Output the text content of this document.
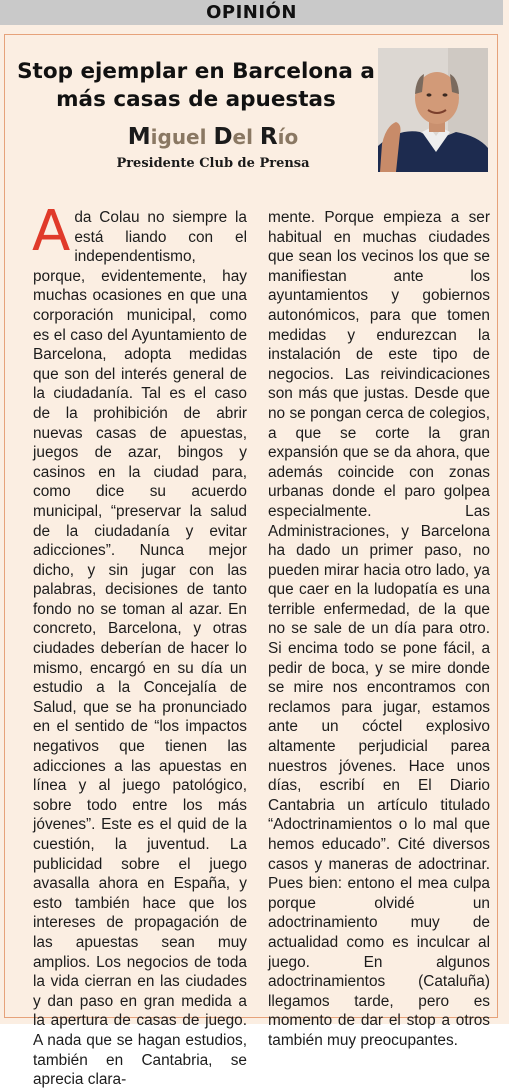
OPINIÓN
Stop ejemplar en Barcelona a más casas de apuestas
Miguel Del Río
Presidente Club de Prensa
Ada Colau no siempre la está liando con el independentismo, porque, evidentemente, hay muchas ocasiones en que una corporación municipal, como es el caso del Ayuntamiento de Barcelona, adopta medidas que son del interés general de la ciudadanía. Tal es el caso de la prohibición de abrir nuevas casas de apuestas, juegos de azar, bingos y casinos en la ciudad para, como dice su acuerdo municipal, “preservar la salud de la ciudadanía y evitar adicciones”. Nunca mejor dicho, y sin jugar con las palabras, decisiones de tanto fondo no se toman al azar. En concreto, Barcelona, y otras ciudades deberían de hacer lo mismo, encargó en su día un estudio a la Concejalía de Salud, que se ha pronunciado en el sentido de “los impactos negativos que tienen las adicciones a las apuestas en línea y al juego patológico, sobre todo entre los más jóvenes”. Este es el quid de la cuestión, la juventud. La publicidad sobre el juego avasalla ahora en España, y esto también hace que los intereses de propagación de las apuestas sean muy amplios. Los negocios de toda la vida cierran en las ciudades y dan paso en gran medida a la apertura de casas de juego. A nada que se hagan estudios, también en Cantabria, se aprecia clara-
mente. Porque empieza a ser habitual en muchas ciudades que sean los vecinos los que se manifiestan ante los ayuntamientos y gobiernos autonómicos, para que tomen medidas y endurezcan la instalación de este tipo de negocios. Las reivindicaciones son más que justas. Desde que no se pongan cerca de colegios, a que se corte la gran expansión que se da ahora, que además coincide con zonas urbanas donde el paro golpea especialmente. Las Administraciones, y Barcelona ha dado un primer paso, no pueden mirar hacia otro lado, ya que caer en la ludopatía es una terrible enfermedad, de la que no se sale de un día para otro. Si encima todo se pone fácil, a pedir de boca, y se mire donde se mire nos encontramos con reclamos para jugar, estamos ante un cóctel explosivo altamente perjudicial parea nuestros jóvenes. Hace unos días, escribí en El Diario Cantabria un artículo titulado “Adoctrinamientos o lo mal que hemos educado”. Cité diversos casos y maneras de adoctrinar. Pues bien: entono el mea culpa porque olvidé un adoctrinamiento muy de actualidad como es inculcar al juego. En algunos adoctrinamientos (Cataluña) llegamos tarde, pero es momento de dar el stop a otros también muy preocupantes.
